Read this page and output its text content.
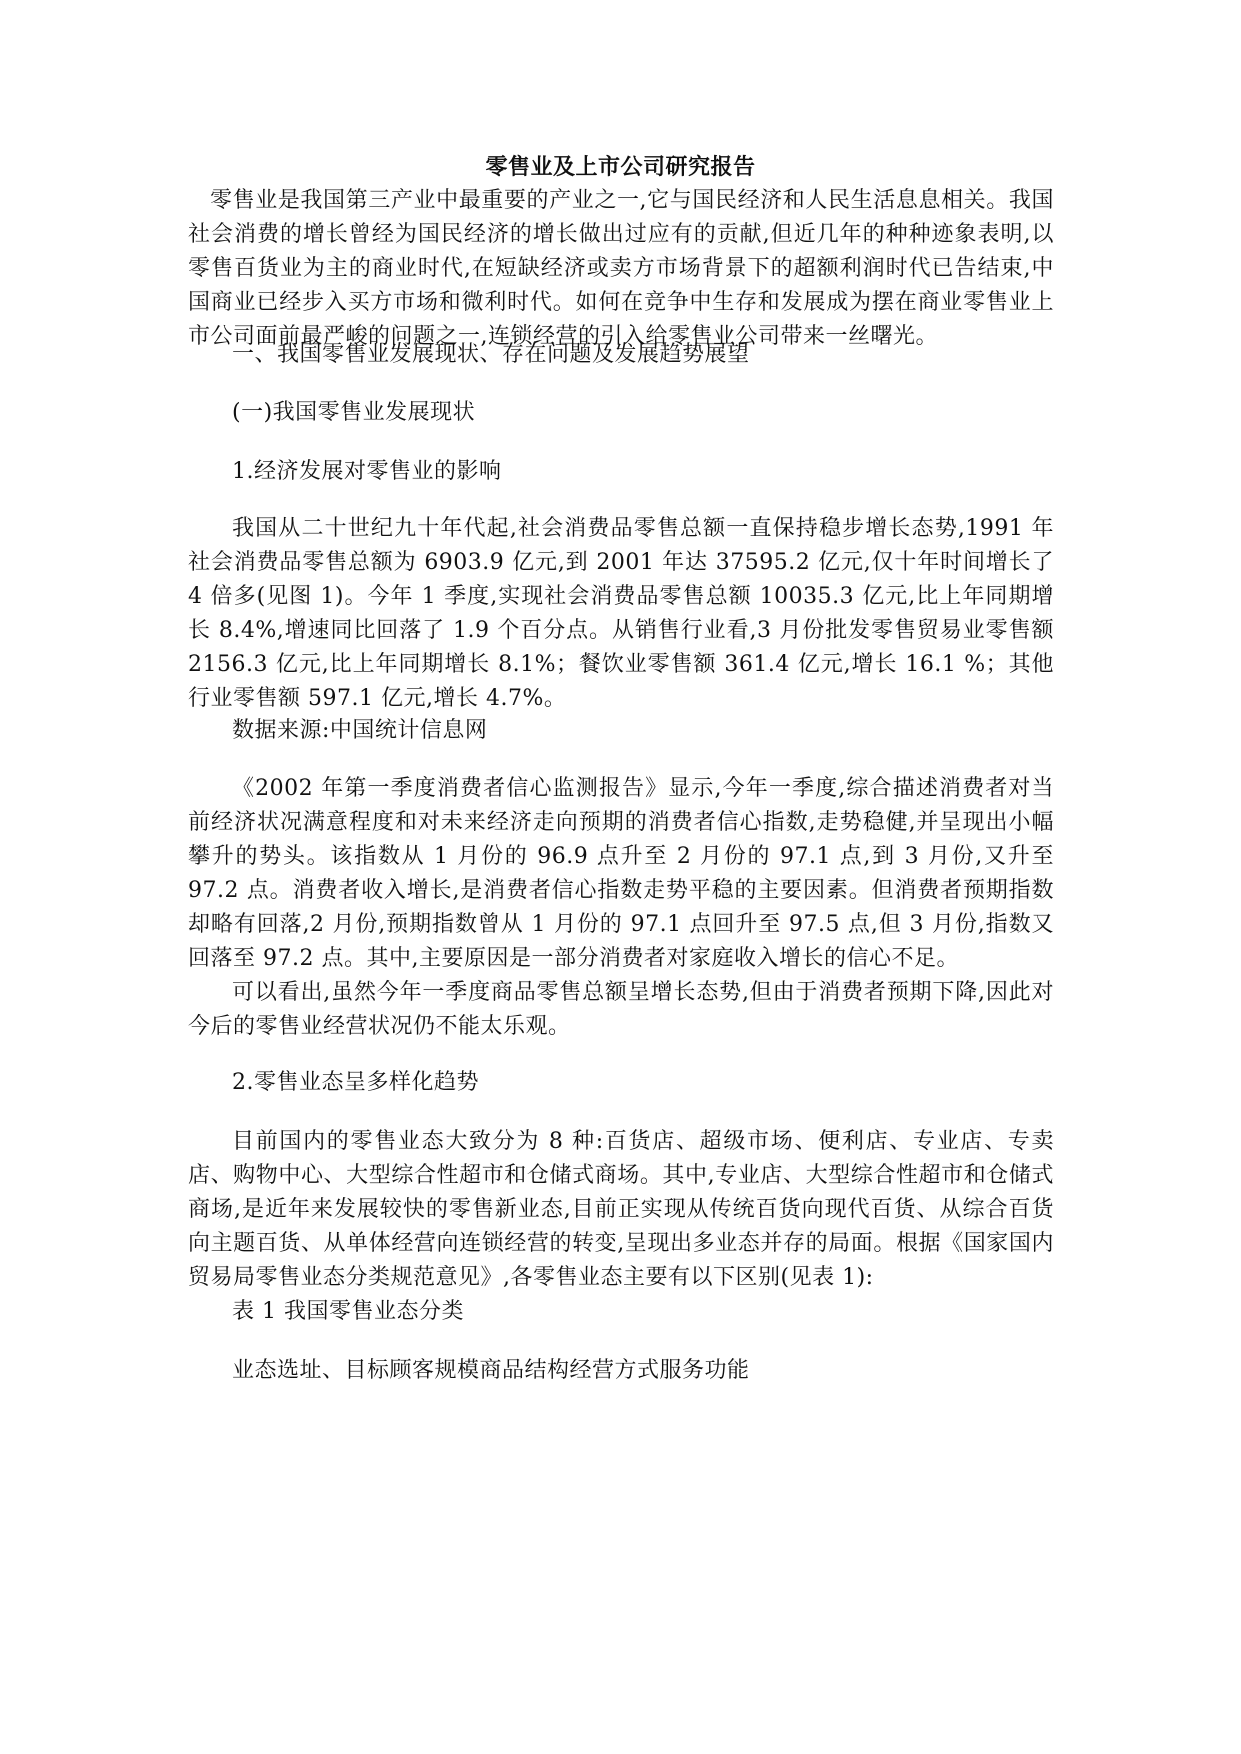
零售业及上市公司研究报告
零售业是我国第三产业中最重要的产业之一,它与国民经济和人民生活息息相关。我国社会消费的增长曾经为国民经济的增长做出过应有的贡献,但近几年的种种迹象表明,以零售百货业为主的商业时代,在短缺经济或卖方市场背景下的超额利润时代已告结束,中国商业已经步入买方市场和微利时代。如何在竞争中生存和发展成为摆在商业零售业上市公司面前最严峻的问题之一,连锁经营的引入给零售业公司带来一丝曙光。
一、我国零售业发展现状、存在问题及发展趋势展望
(一)我国零售业发展现状
1.经济发展对零售业的影响
我国从二十世纪九十年代起,社会消费品零售总额一直保持稳步增长态势,1991 年社会消费品零售总额为 6903.9 亿元,到 2001 年达 37595.2 亿元,仅十年时间增长了 4 倍多(见图 1)。今年 1 季度,实现社会消费品零售总额 10035.3 亿元,比上年同期增长 8.4%,增速同比回落了 1.9 个百分点。从销售行业看,3 月份批发零售贸易业零售额 2156.3 亿元,比上年同期增长 8.1%；餐饮业零售额 361.4 亿元,增长 16.1 %；其他行业零售额 597.1 亿元,增长 4.7%。
数据来源:中国统计信息网
《2002 年第一季度消费者信心监测报告》显示,今年一季度,综合描述消费者对当前经济状况满意程度和对未来经济走向预期的消费者信心指数,走势稳健,并呈现出小幅攀升的势头。该指数从 1 月份的 96.9 点升至 2 月份的 97.1 点,到 3 月份,又升至 97.2 点。消费者收入增长,是消费者信心指数走势平稳的主要因素。但消费者预期指数却略有回落,2 月份,预期指数曾从 1 月份的 97.1 点回升至 97.5 点,但 3 月份,指数又回落至 97.2 点。其中,主要原因是一部分消费者对家庭收入增长的信心不足。
可以看出,虽然今年一季度商品零售总额呈增长态势,但由于消费者预期下降,因此对今后的零售业经营状况仍不能太乐观。
2.零售业态呈多样化趋势
目前国内的零售业态大致分为 8 种:百货店、超级市场、便利店、专业店、专卖店、购物中心、大型综合性超市和仓储式商场。其中,专业店、大型综合性超市和仓储式商场,是近年来发展较快的零售新业态,目前正实现从传统百货向现代百货、从综合百货向主题百货、从单体经营向连锁经营的转变,呈现出多业态并存的局面。根据《国家国内贸易局零售业态分类规范意见》,各零售业态主要有以下区别(见表 1):
表 1 我国零售业态分类
业态选址、目标顾客规模商品结构经营方式服务功能
